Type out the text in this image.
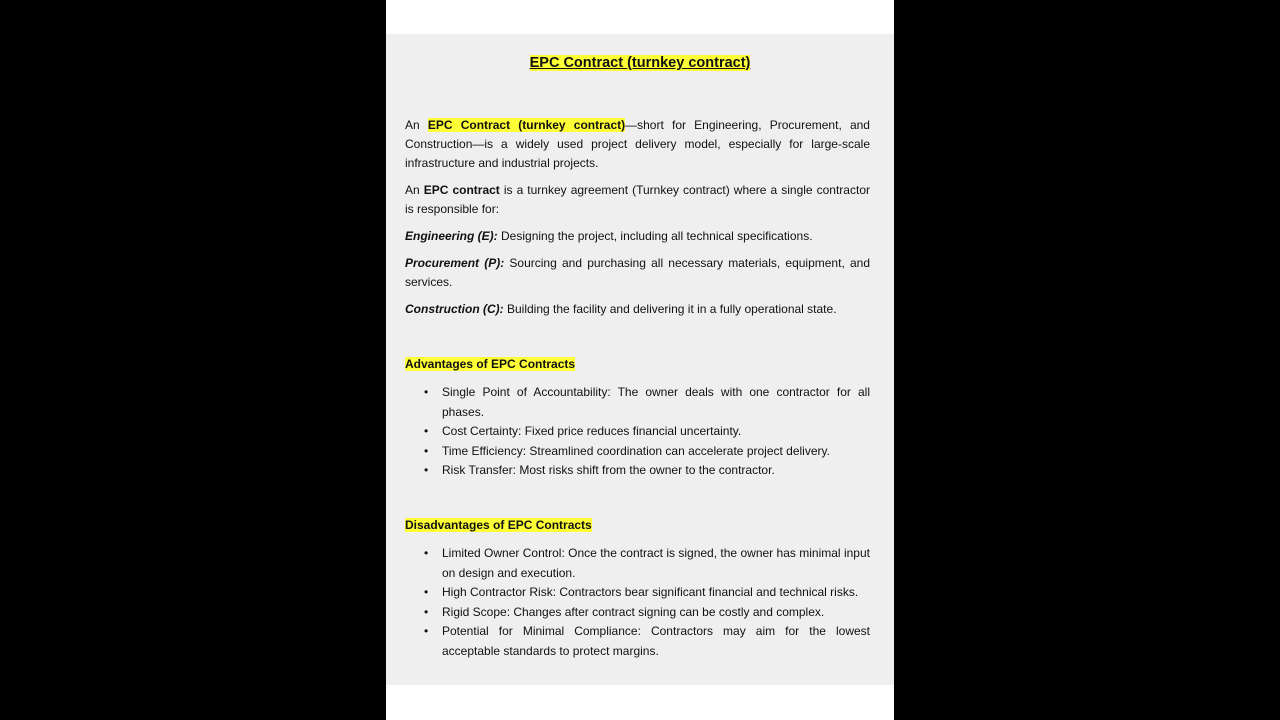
EPC Contract (turnkey contract)

An EPC Contract (turnkey contract)—short for Engineering, Procurement, and Construction—is a widely used project delivery model, especially for large-scale infrastructure and industrial projects.

An EPC contract is a turnkey agreement (Turnkey contract) where a single contractor is responsible for:

Engineering (E): Designing the project, including all technical specifications.

Procurement (P): Sourcing and purchasing all necessary materials, equipment, and services.

Construction (C): Building the facility and delivering it in a fully operational state.

Advantages of EPC Contracts
• Single Point of Accountability: The owner deals with one contractor for all phases.
• Cost Certainty: Fixed price reduces financial uncertainty.
• Time Efficiency: Streamlined coordination can accelerate project delivery.
• Risk Transfer: Most risks shift from the owner to the contractor.
Disadvantages of EPC Contracts
• Limited Owner Control: Once the contract is signed, the owner has minimal input on design and execution.
• High Contractor Risk: Contractors bear significant financial and technical risks.
• Rigid Scope: Changes after contract signing can be costly and complex.
• Potential for Minimal Compliance: Contractors may aim for the lowest acceptable standards to protect margins.
